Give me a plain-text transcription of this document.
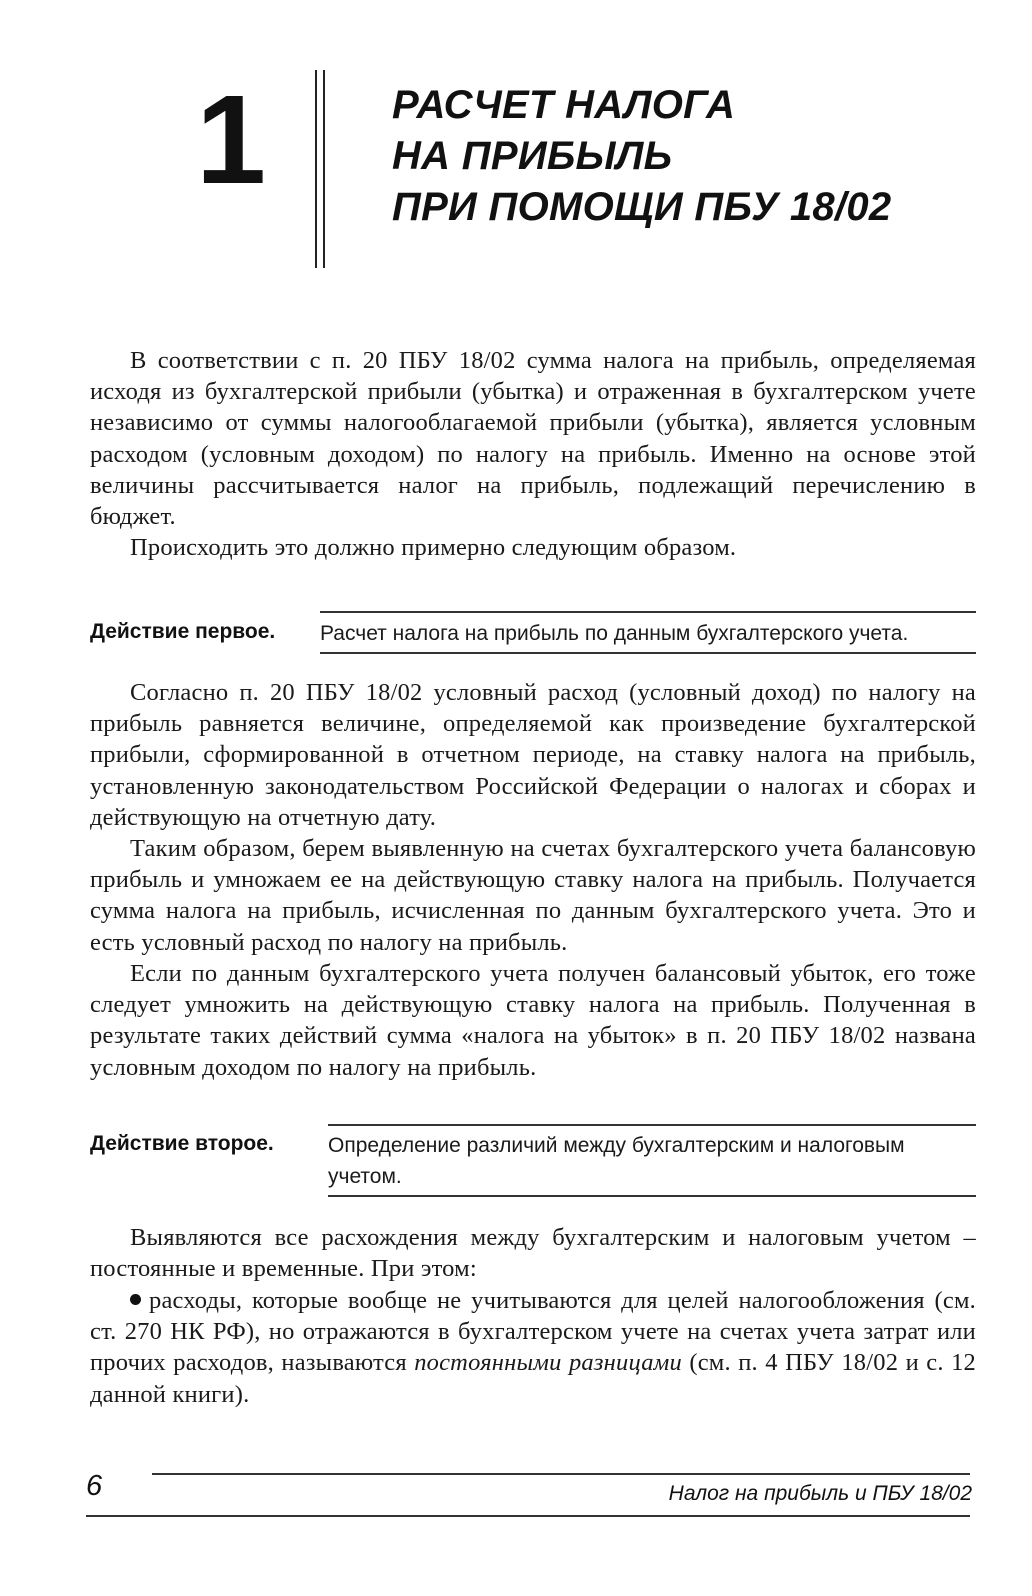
1	РАСЧЕТ НАЛОГА
НА ПРИБЫЛЬ
ПРИ ПОМОЩИ ПБУ 18/02

В соответствии с п. 20 ПБУ 18/02 сумма налога на прибыль, определяемая исходя из бухгалтерской прибыли (убытка) и отраженная в бухгалтерском учете независимо от суммы налогооблагаемой прибыли (убытка), является условным расходом (условным доходом) по налогу на прибыль. Именно на основе этой величины рассчитывается налог на прибыль, подлежащий перечислению в бюджет.

Происходить это должно примерно следующим образом.

Действие первое. Расчет налога на прибыль по данным бухгалтерского учета.

Согласно п. 20 ПБУ 18/02 условный расход (условный доход) по налогу на прибыль равняется величине, определяемой как произведение бухгалтерской прибыли, сформированной в отчетном периоде, на ставку налога на прибыль, установленную законодательством Российской Федерации о налогах и сборах и действующую на отчетную дату.

Таким образом, берем выявленную на счетах бухгалтерского учета балансовую прибыль и умножаем ее на действующую ставку налога на прибыль. Получается сумма налога на прибыль, исчисленная по данным бухгалтерского учета. Это и есть условный расход по налогу на прибыль.

Если по данным бухгалтерского учета получен балансовый убыток, его тоже следует умножить на действующую ставку налога на прибыль. Полученная в результате таких действий сумма «налога на убыток» в п. 20 ПБУ 18/02 названа условным доходом по налогу на прибыль.

Действие второе.	Определение различий между бухгалтерским и налоговым учетом.

Выявляются все расхождения между бухгалтерским и налоговым учетом – постоянные и временные. При этом:

расходы, которые вообще не учитываются для целей налогообложения (см. ст. 270 НК РФ), но отражаются в бухгалтерском учете на счетах учета затрат или прочих расходов, называются постоянными разницами (см. п. 4 ПБУ 18/02 и с. 12 данной книги).

6	Налог на прибыль и ПБУ 18/02
